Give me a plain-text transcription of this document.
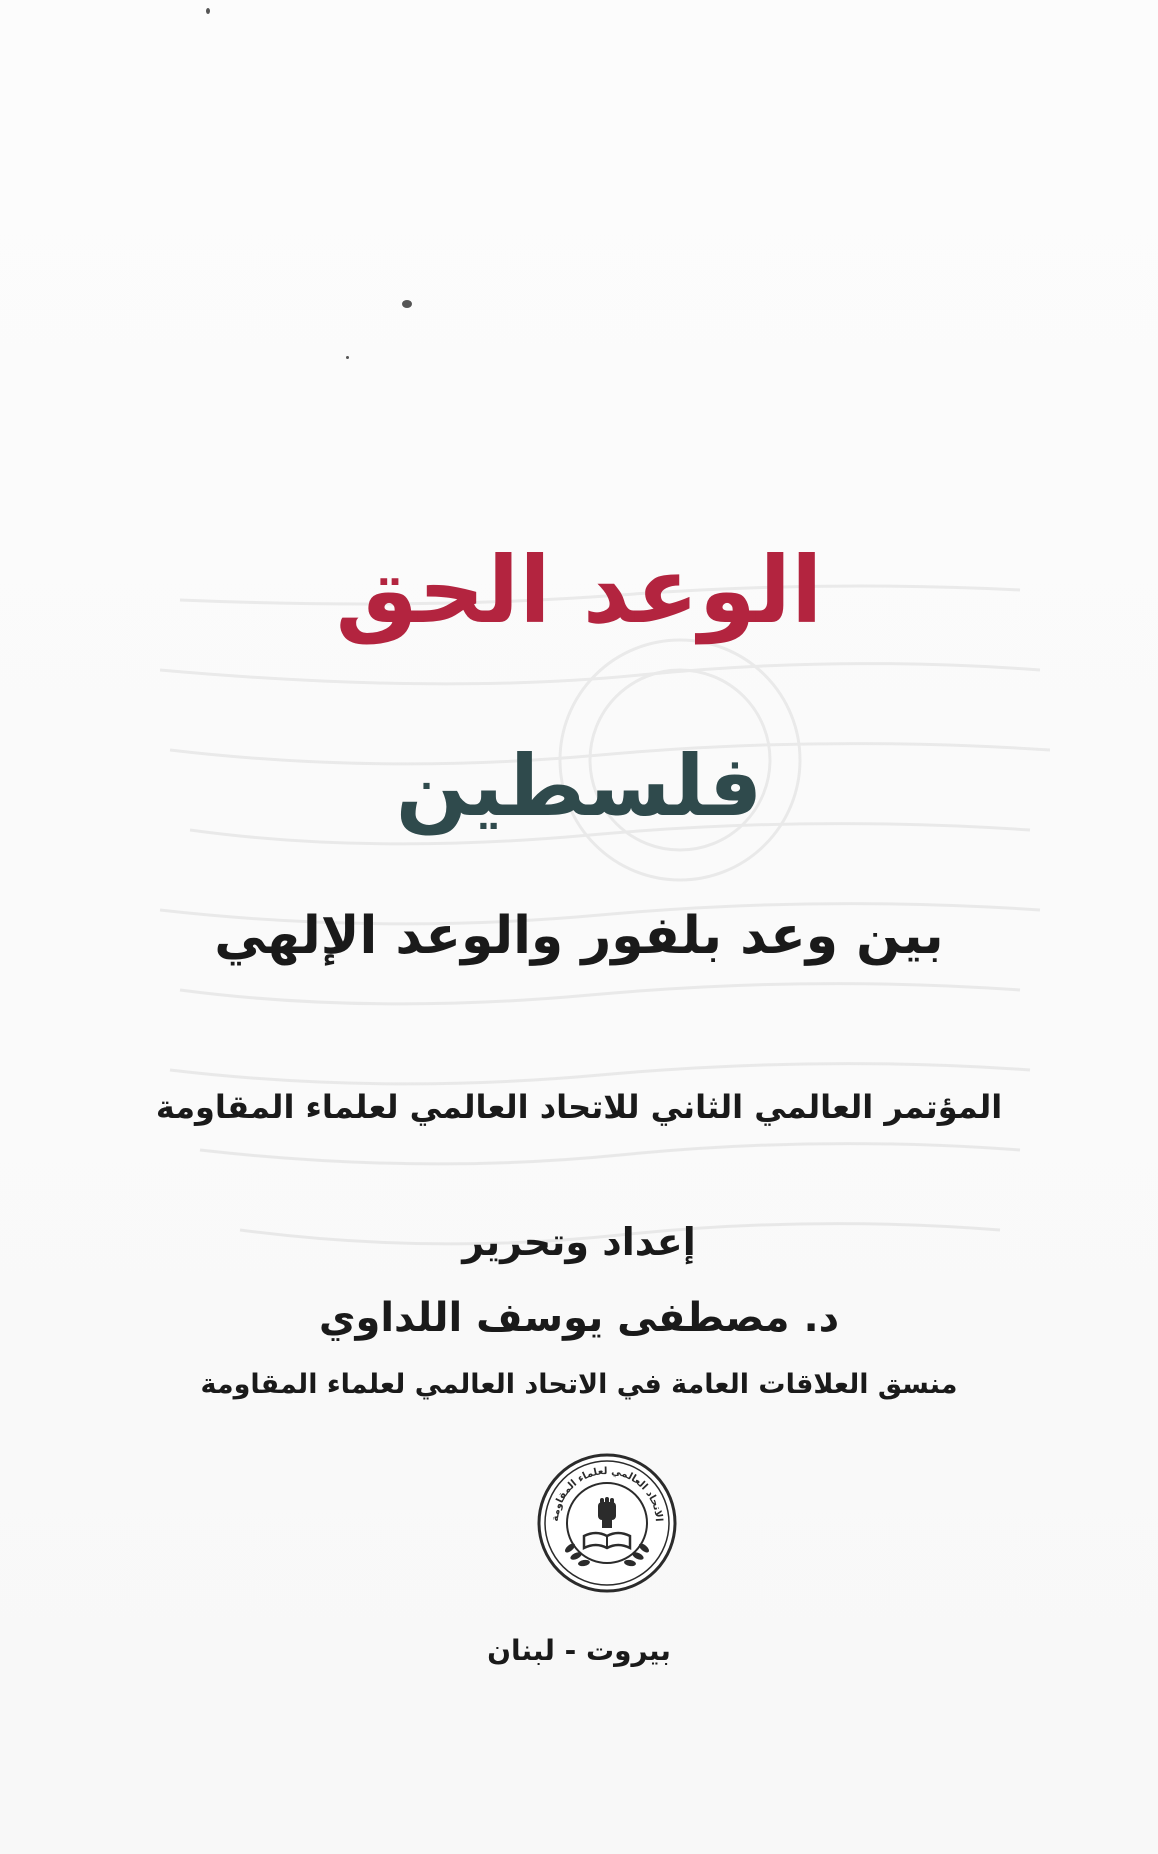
الوعد الحق
فلسطين
بين وعد بلفور والوعد الإلهي
المؤتمر العالمي الثاني للاتحاد العالمي لعلماء المقاومة
إعداد وتحرير
د. مصطفى يوسف اللداوي
منسق العلاقات العامة في الاتحاد العالمي لعلماء المقاومة
الاتحاد العالمي لعلماء المقاومة
بيروت - لبنان
